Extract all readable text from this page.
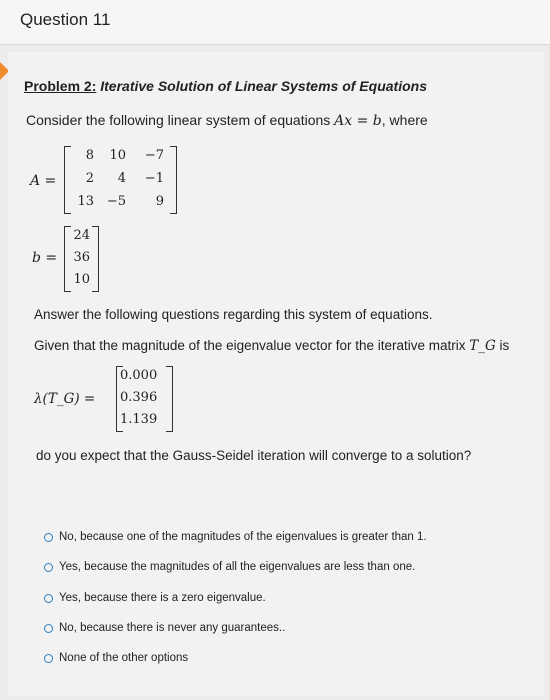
Question 11
Problem 2: Iterative Solution of Linear Systems of Equations
Consider the following linear system of equations Ax = b, where
A =
8	10	−7
2	4	−1
13 −5	9
b =
24
36
10
Answer the following questions regarding this system of equations.
Given that the magnitude of the eigenvalue vector for the iterative matrix T_G is
λ(T_G) =
0.000
0.396
1.139
do you expect that the Gauss-Seidel iteration will converge to a solution?
No, because one of the magnitudes of the eigenvalues is greater than 1.
Yes, because the magnitudes of all the eigenvalues are less than one.
Yes, because there is a zero eigenvalue.
No, because there is never any guarantees..
None of the other options
